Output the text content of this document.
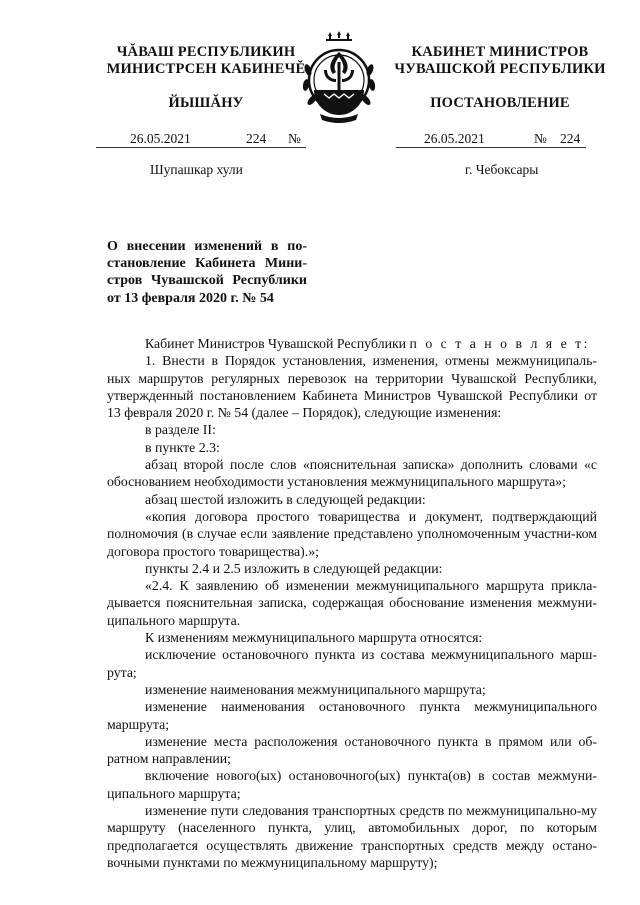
ЧĂВАШ РЕСПУБЛИКИН
МИНИСТРСЕН КАБИНЕЧĔ
ЙЫШĂНУ
КАБИНЕТ МИНИСТРОВ
ЧУВАШСКОЙ РЕСПУБЛИКИ
ПОСТАНОВЛЕНИЕ
26.05.2021	224 №	26.05.2021	№ 224
Шупашкар хули	г. Чебоксары
О внесении изменений в по-
становление Кабинета Мини-
стров Чувашской Республики
от 13 февраля 2020 г. № 54

Кабинет Министров Чувашской Республики п о с т а н о в л я е т:

1. Внести в Порядок установления, изменения, отмены межмуниципаль-ных маршрутов регулярных перевозок на территории Чувашской Республики, утвержденный постановлением Кабинета Министров Чувашской Республики от 13 февраля 2020 г. № 54 (далее – Порядок), следующие изменения:

в разделе II:

в пункте 2.3:

абзац второй после слов «пояснительная записка» дополнить словами «с обоснованием необходимости установления межмуниципального маршрута»;

абзац шестой изложить в следующей редакции:

«копия договора простого товарищества и документ, подтверждающий полномочия (в случае если заявление представлено уполномоченным участни-ком договора простого товарищества).»;

пункты 2.4 и 2.5 изложить в следующей редакции:

«2.4. К заявлению об изменении межмуниципального маршрута прикла-дывается пояснительная записка, содержащая обоснование изменения межмуни-ципального маршрута.

К изменениям межмуниципального маршрута относятся:

исключение остановочного пункта из состава межмуниципального марш-рута;

изменение наименования межмуниципального маршрута;

изменение наименования остановочного пункта межмуниципального маршрута;

изменение места расположения остановочного пункта в прямом или об-ратном направлении;

включение нового(ых) остановочного(ых) пункта(ов) в состав межмуни-ципального маршрута;

изменение пути следования транспортных средств по межмуниципально-му маршруту (населенного пункта, улиц, автомобильных дорог, по которым предполагается осуществлять движение транспортных средств между остано-вочными пунктами по межмуниципальному маршруту);
